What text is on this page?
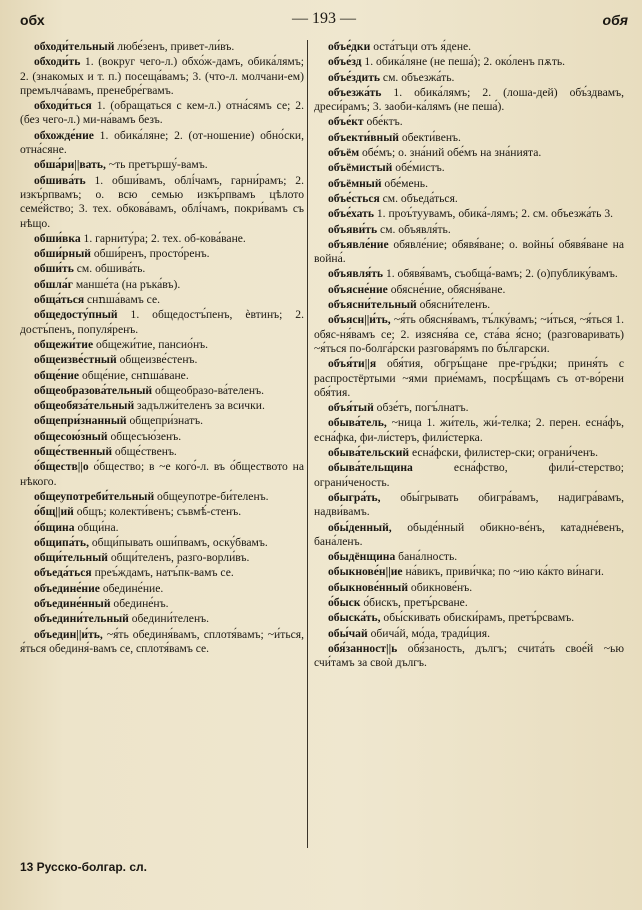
обх	— 193 —	обя
обходи́тельный любе́зенъ, привет-ли́въ.
обходи́ть 1. (вокруг чего-л.) обхо́ж-дамъ, обика́лямъ; 2. (знакомых и т. п.) посеща́вамъ; 3. (что-л. молчани-ем) премълча́вамъ, пренебре́гвамъ.
обходи́ться 1. (обращаться с кем-л.) отна́сямъ се; 2. (без чего-л.) ми-на́вамъ безъ.
обхожде́ние 1. обика́ляне; 2. (от-ношение) обно́ски, отна́сяне.
обша́ри||вать, ~ть претършу́-вамъ.
обшива́ть 1. обши́вамъ, облі́чамъ, гарни́рамъ; 2. изкъ́рпвамъ; о. всю семью изкъ́рпвамъ цѣлото семе́йство; 3. тех. обкова́вамъ, облі́чамъ, покри́вамъ съ нѣщо.
обши́вка 1. гарниту́ра; 2. тех. об-кова́ване.
обши́рный обши́ренъ, просто́ренъ.
обши́ть см. обшива́ть.
обшла́г манше́та (на ръка́въ).
обща́ться снոша́вамъ се.
общедосту́пный 1. общедостъ́пенъ, ѐвтинъ; 2. достъ́пенъ, популя́ренъ.
общежи́тие общежи́тие, пансио́нъ.
общеизве́стный общеизве́стенъ.
обще́ние обще́ние, снոша́ване.
общеобразова́тельный общеобразо-ва́теленъ.
общеобяза́тельный задължи́теленъ за всички.
общепри́знанный общепри́знатъ.
общесою́зный общесъю́зенъ.
обще́ственный обще́ственъ.
о́бществ||о о́бщество; в ~е кого́-л. въ о́бществото на нѣкого.
общеупотреби́тельный общеупотре-би́теленъ.
о́бщ||ий общъ; колекти́венъ; съвмѣ́-стенъ.
о́бщина общи́на.
общипа́ть, общи́пывать оши́пвамъ, оску́бвамъ.
общи́тельный общи́теленъ, разго-ворли́въ.
объеда́ться преъ́ждамъ, натъ́пк-вамъ се.
объедине́ние обедине́ние.
объедине́нный обедине́нъ.
объедини́тельный обедини́теленъ.
объедин||и́ть, ~я́ть обединя́вамъ, сплотя́вамъ; ~и́ться, я́ться обединя́-вамъ се, сплотя́вамъ се.
объе́дки оста́тъци отъ я́дене.
объе́зд 1. обика́ляне (не пеша́); 2. око́ленъ пѫть.
объе́здить см. объезжа́ть.
объезжа́ть 1. обика́лямъ; 2. (лоша-дей) объ́здвамъ, дреси́рамъ; 3. заоби-ка́лямъ (не пеша́).
объе́кт обе́ктъ.
объекти́вный обекти́венъ.
объём обе́мъ; о. зна́ний обе́мъ на зна́нията.
объёмистый обе́мистъ.
объёмный обе́мень.
объе́сться см. объеда́ться.
объе́хать 1. проъ́туувамъ, обика́-лямъ; 2. см. объезжа́ть 3.
объяви́ть см. объявля́ть.
объявле́ние обявле́ние; обявя́ване; о. войны́ обявя́ване на война́.
объявля́ть 1. обявя́вамъ, съобща́-вамъ; 2. (о)публику́вамъ.
объясне́ние обясне́ние, обясня́ване.
объясни́тельный обясни́теленъ.
объясн||и́ть, ~я́ть обясня́вамъ, тъ́лку́вамъ; ~и́ться, ~я́ться 1. обяс-ня́вамъ се; 2. изясня́ва се, ста́ва я́сно; (разговаривать) ~я́ться по-болга́рски разгова́рямъ по бъ́лгарски.
объя́ти||я обя́тия, обгръ́щане пре-гръ́дки; приня́ть с распростёртыми ~ями прие́мамъ, посрѣ́щамъ съ от-во́рени обя́тия.
объя́тый обзе́тъ, погъ́лнатъ.
обыва́тель, ~ница 1. жи́тель, жи́-телка; 2. перен. есна́фъ, есна́фка, фи-ли́стеръ, фили́стерка.
обыва́тельский есна́фски, филистер-ски; ограни́ченъ.
обыва́тельщина есна́фство, фили́-стерство; ограни́ченость.
обыгра́ть, обы́грывать обигра́вамъ, надигра́вамъ, надви́вамъ.
обы́денный, обыде́нный обикно-ве́нъ, катадне́венъ, бана́ленъ.
обыдёнщина бана́лность.
обыкнове́н||ие на́викъ, приви́чка; по ~ию ка́кто ви́наги.
обыкнове́нный обикнове́нъ.
о́быск о́бискъ, претъ́рсване.
обыска́ть, обы́скивать обиски́рамъ, претъ́рсвамъ.
обы́чай обича́й, мо́да, тради́ция.
обя́занност||ь обя́заность, дългъ; счита́ть свое́й ~ью счи́тамъ за своѝ дългъ.
13 Русско-болгар. сл.
